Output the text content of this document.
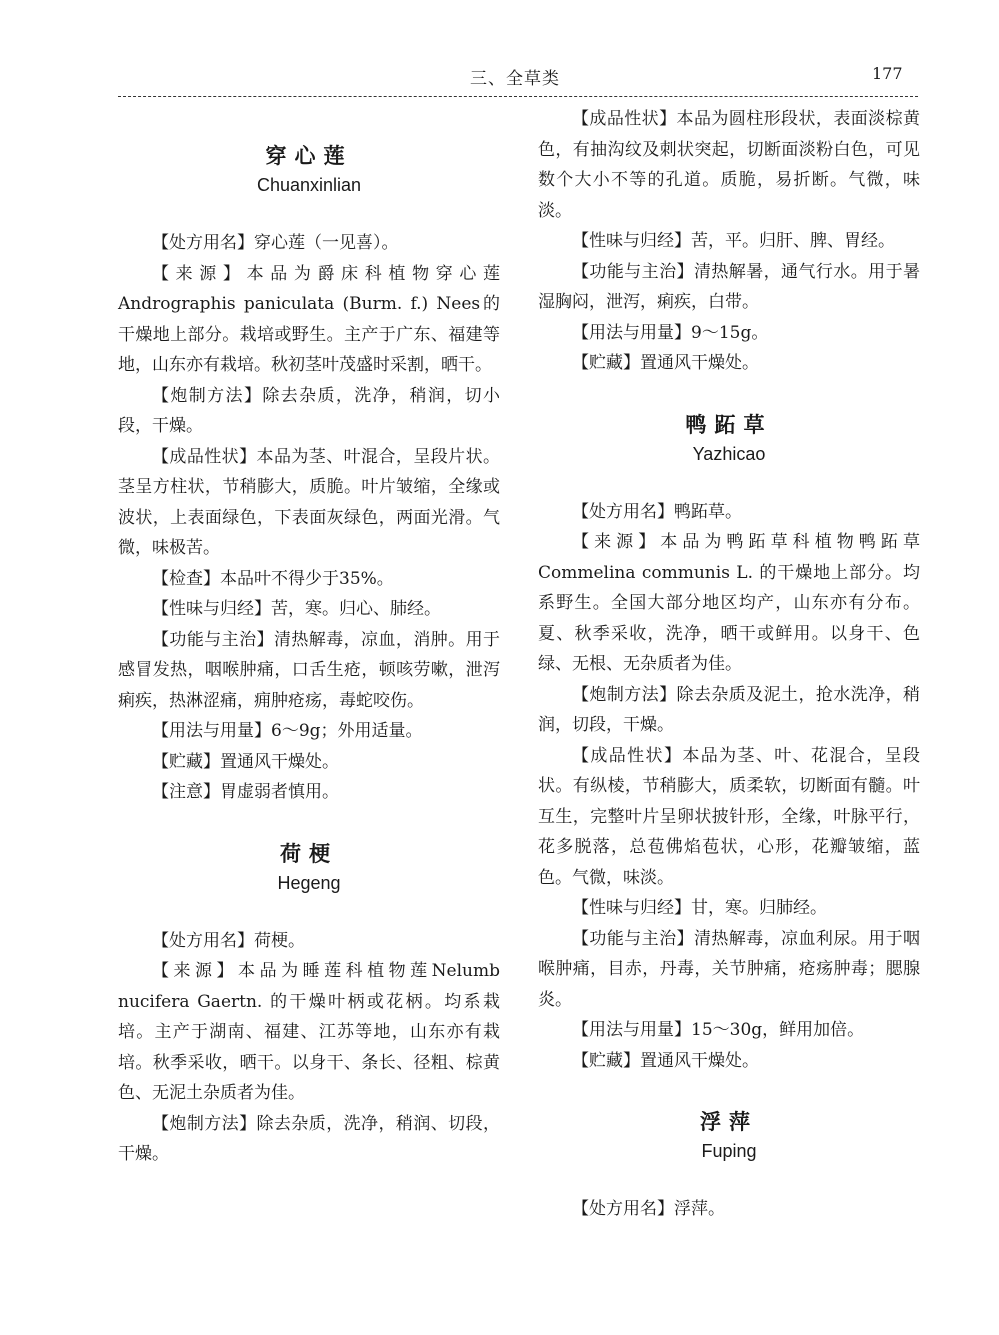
三、全草类	177
穿心莲

Chuanxinlian

【处方用名】穿心莲（一见喜）。

【来源】本品为爵床科植物穿心莲Andrographis paniculata (Burm. f.) Nees的干燥地上部分。栽培或野生。主产于广东、福建等地，山东亦有栽培。秋初茎叶茂盛时采割，晒干。

【炮制方法】除去杂质，洗净，稍润，切小段，干燥。

【成品性状】本品为茎、叶混合，呈段片状。茎呈方柱状，节稍膨大，质脆。叶片皱缩，全缘或波状，上表面绿色，下表面灰绿色，两面光滑。气微，味极苦。

【检查】本品叶不得少于35%。

【性味与归经】苦，寒。归心、肺经。

【功能与主治】清热解毒，凉血，消肿。用于感冒发热，咽喉肿痛，口舌生疮，顿咳劳嗽，泄泻痢疾，热淋涩痛，痈肿疮疡，毒蛇咬伤。

【用法与用量】6～9g；外用适量。

【贮藏】置通风干燥处。

【注意】胃虚弱者慎用。

荷梗

Hegeng

【处方用名】荷梗。

【来源】本品为睡莲科植物莲Nelumb nucifera Gaertn. 的干燥叶柄或花柄。均系栽培。主产于湖南、福建、江苏等地，山东亦有栽培。秋季采收，晒干。以身干、条长、径粗、棕黄色、无泥土杂质者为佳。

【炮制方法】除去杂质，洗净，稍润、切段，干燥。

【成品性状】本品为圆柱形段状，表面淡棕黄色，有抽沟纹及刺状突起，切断面淡粉白色，可见数个大小不等的孔道。质脆，易折断。气微，味淡。

【性味与归经】苦，平。归肝、脾、胃经。

【功能与主治】清热解暑，通气行水。用于暑湿胸闷，泄泻，痢疾，白带。

【用法与用量】9～15g。

【贮藏】置通风干燥处。

鸭跖草

Yazhicao

【处方用名】鸭跖草。

【来源】本品为鸭跖草科植物鸭跖草Commelina communis L. 的干燥地上部分。均系野生。全国大部分地区均产，山东亦有分布。夏、秋季采收，洗净，晒干或鲜用。以身干、色绿、无根、无杂质者为佳。

【炮制方法】除去杂质及泥土，抢水洗净，稍润，切段，干燥。

【成品性状】本品为茎、叶、花混合，呈段状。有纵棱，节稍膨大，质柔软，切断面有髓。叶互生，完整叶片呈卵状披针形，全缘，叶脉平行，花多脱落，总苞佛焰苞状，心形，花瓣皱缩，蓝色。气微，味淡。

【性味与归经】甘，寒。归肺经。

【功能与主治】清热解毒，凉血利尿。用于咽喉肿痛，目赤，丹毒，关节肿痛，疮疡肿毒；腮腺炎。

【用法与用量】15～30g，鲜用加倍。

【贮藏】置通风干燥处。

浮萍

Fuping

【处方用名】浮萍。
